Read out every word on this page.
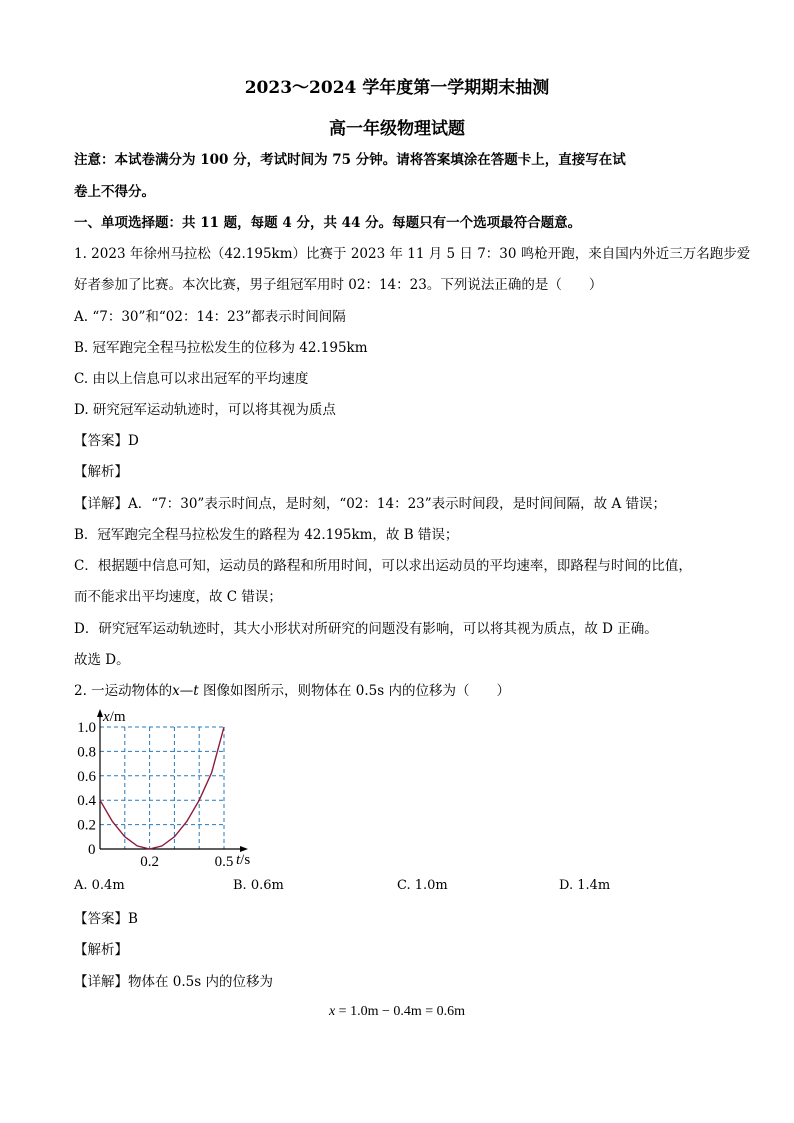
2023～2024 学年度第一学期期末抽测
高一年级物理试题
注意：本试卷满分为 100 分，考试时间为 75 分钟。请将答案填涂在答题卡上，直接写在试
卷上不得分。
一、单项选择题：共 11 题，每题 4 分，共 44 分。每题只有一个选项最符合题意。
1. 2023 年徐州马拉松（42.195km）比赛于 2023 年 11 月 5 日 7：30 鸣枪开跑，来自国内外近三万名跑步爱
好者参加了比赛。本次比赛，男子组冠军用时 02：14：23。下列说法正确的是（　　）
A. “7：30”和“02：14：23”都表示时间间隔
B. 冠军跑完全程马拉松发生的位移为 42.195km
C. 由以上信息可以求出冠军的平均速度
D. 研究冠军运动轨迹时，可以将其视为质点
【答案】D
【解析】
【详解】A．“7：30”表示时间点，是时刻，“02：14：23”表示时间段，是时间间隔，故 A 错误；
B．冠军跑完全程马拉松发生的路程为 42.195km，故 B 错误；
C．根据题中信息可知，运动员的路程和所用时间，可以求出运动员的平均速率，即路程与时间的比值，
而不能求出平均速度，故 C 错误；
D．研究冠军运动轨迹时，其大小形状对所研究的问题没有影响，可以将其视为质点，故 D 正确。
故选 D。
2. 一运动物体的x—t 图像如图所示，则物体在 0.5s 内的位移为（　　）
0.2
0.4
0.6
0.8
1.0
0.2	0.5
x/m
t/s
0
A. 0.4m	B. 0.6m	C. 1.0m	D. 1.4m
【答案】B
【解析】
【详解】物体在 0.5s 内的位移为
x = 1.0m − 0.4m = 0.6m
